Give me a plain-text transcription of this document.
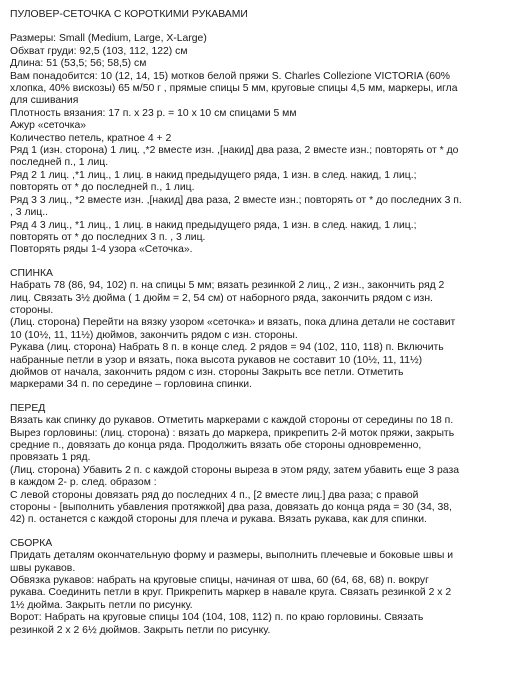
ПУЛОВЕР-СЕТОЧКА С КОРОТКИМИ РУКАВАМИ

Размеры: Small (Medium, Large, X-Large)
Обхват груди: 92,5 (103, 112, 122) см
Длина: 51 (53,5; 56; 58,5) см
Вам понадобится: 10 (12, 14, 15) мотков белой пряжи S. Charles Collezione VICTORIA (60%
хлопка, 40% вискозы) 65 м/50 г , прямые спицы 5 мм, круговые спицы 4,5 мм, маркеры, игла
для сшивания
Плотность вязания: 17 п. х 23 р. = 10 х 10 см спицами 5 мм
Ажур «сеточка»
Количество петель, кратное 4 + 2
Ряд 1 (изн. сторона) 1 лиц. ,*2 вместе изн. ,[накид] два раза, 2 вместе изн.; повторять от * до
последней п., 1 лиц.
Ряд 2 1 лиц. ,*1 лиц., 1 лиц. в накид предыдущего ряда, 1 изн. в след. накид, 1 лиц.;
повторять от * до последней п., 1 лиц.
Ряд 3 3 лиц., *2 вместе изн. ,[накид] два раза, 2 вместе изн.; повторять от * до последних 3 п.
, 3 лиц..
Ряд 4 3 лиц., *1 лиц., 1 лиц. в накид предыдущего ряда, 1 изн. в след. накид, 1 лиц.;
повторять от * до последних 3 п. , 3 лиц.
Повторять ряды 1-4 узора «Сеточка».
СПИНКА
Набрать 78 (86, 94, 102) п. на спицы 5 мм; вязать резинкой 2 лиц., 2 изн., закончить ряд 2
лиц. Связать 3½ дюйма ( 1 дюйм = 2, 54 см) от наборного ряда, закончить рядом с изн.
стороны.
(Лиц. сторона) Перейти на вязку узором «сеточка» и вязать, пока длина детали не составит
10 (10½, 11, 11½) дюймов, закончить рядом с изн. стороны.
Рукава (лиц. сторона) Набрать 8 п. в конце след. 2 рядов = 94 (102, 110, 118) п. Включить
набранные петли в узор и вязать, пока высота рукавов не составит 10 (10½, 11, 11½)
дюймов от начала, закончить рядом с изн. стороны Закрыть все петли. Отметить
маркерами 34 п. по середине – горловина спинки.
ПЕРЕД
Вязать как спинку до рукавов. Отметить маркерами с каждой стороны от середины по 18 п.
Вырез горловины: (лиц. сторона) : вязать до маркера, прикрепить 2-й моток пряжи, закрыть
средние п., довязать до конца ряда. Продолжить вязать обе стороны одновременно,
провязать 1 ряд.
(Лиц. сторона) Убавить 2 п. с каждой стороны выреза в этом ряду, затем убавить еще 3 раза
в каждом 2- р. след. образом :
С левой стороны довязать ряд до последних 4 п., [2 вместе лиц.] два раза; с правой
стороны - [выполнить убавления протяжкой] два раза, довязать до конца ряда = 30 (34, 38,
42) п. останется с каждой стороны для плеча и рукава. Вязать рукава, как для спинки.
СБОРКА
Придать деталям окончательную форму и размеры, выполнить плечевые и боковые швы и
швы рукавов.
Обвязка рукавов: набрать на круговые спицы, начиная от шва, 60 (64, 68, 68) п. вокруг
рукава. Соединить петли в круг. Прикрепить маркер в навале круга. Связать резинкой 2 х 2
1½ дюйма. Закрыть петли по рисунку.
Ворот: Набрать на круговые спицы 104 (104, 108, 112) п. по краю горловины. Связать
резинкой 2 х 2 6½ дюймов. Закрыть петли по рисунку.
